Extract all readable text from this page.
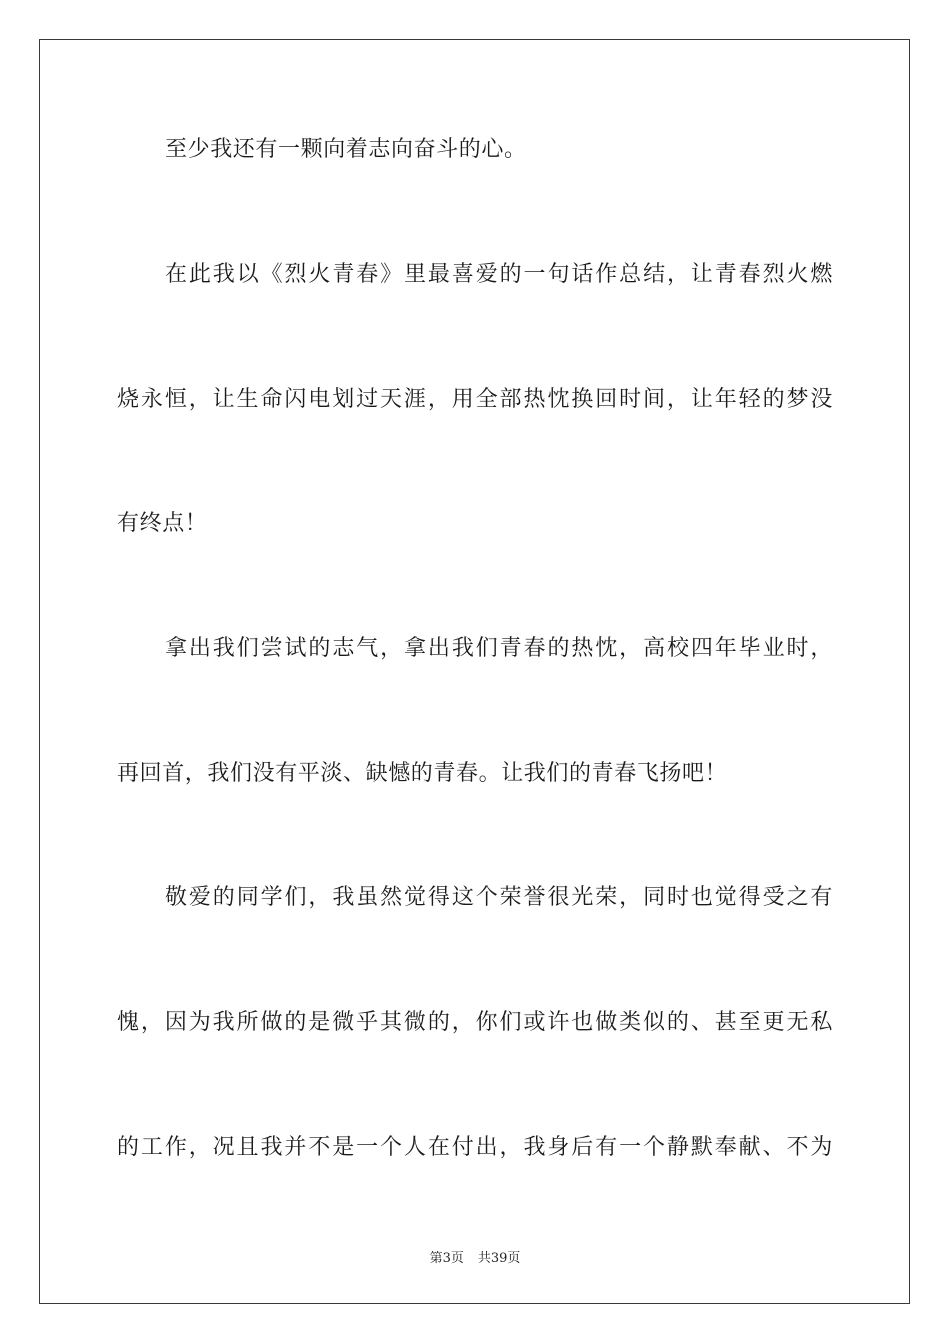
至少我还有一颗向着志向奋斗的心。
在此我以《烈火青春》里最喜爱的一句话作总结，让青春烈火燃
烧永恒，让生命闪电划过天涯，用全部热忱换回时间，让年轻的梦没
有终点！
拿出我们尝试的志气，拿出我们青春的热忱，高校四年毕业时，
再回首，我们没有平淡、缺憾的青春。让我们的青春飞扬吧！
敬爱的同学们，我虽然觉得这个荣誉很光荣，同时也觉得受之有
愧，因为我所做的是微乎其微的，你们或许也做类似的、甚至更无私
的工作，况且我并不是一个人在付出，我身后有一个静默奉献、不为
第3页 共39页
